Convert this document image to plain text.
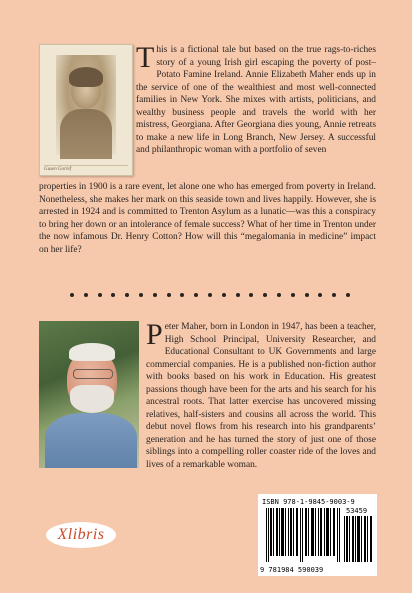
Gusen Gorlef

This is a fictional tale but based on the true rags-to-riches story of a young Irish girl escaping the poverty of post–Potato Famine Ireland. Annie Elizabeth Maher ends up in the service of one of the wealthiest and most well-connected families in New York. She mixes with artists, politicians, and wealthy business people and travels the world with her mistress, Georgiana. After Georgiana dies young, Annie retreats to make a new life in Long Branch, New Jersey. A successful and philanthropic woman with a portfolio of seven

properties in 1900 is a rare event, let alone one who has emerged from poverty in Ireland. Nonetheless, she makes her mark on this seaside town and lives happily. However, she is arrested in 1924 and is committed to Trenton Asylum as a lunatic—was this a conspiracy to bring her down or an intolerance of female success? What of her time in Trenton under the now infamous Dr. Henry Cotton? How will this “megalomania in medicine” impact on her life?

Peter Maher, born in London in 1947, has been a teacher, High School Principal, University Researcher, and Educational Consultant to UK Governments and large commercial companies. He is a published non-fiction author with books based on his work in Education. His greatest passions though have been for the arts and his search for his ancestral roots. That latter exercise has uncovered missing relatives, half-sisters and cousins all across the world. This debut novel flows from his research into his grandparents’ generation and he has turned the story of just one of those siblings into a compelling roller coaster ride of the loves and lives of a remarkable woman.

Xlibris
ISBN 978-1-9845-9003-9
53459
9 781984 590039
